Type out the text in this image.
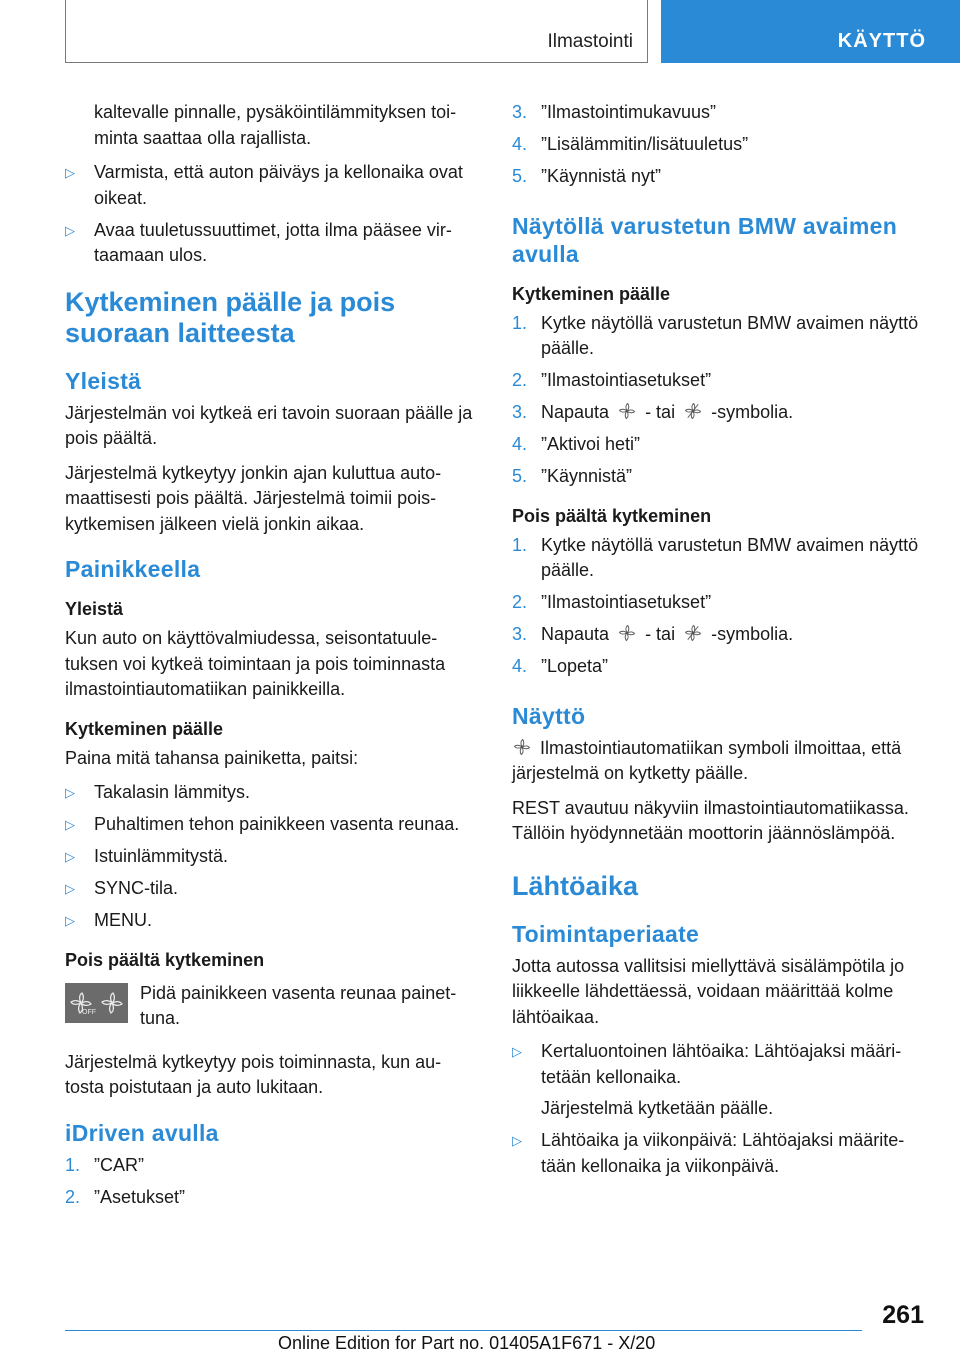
Ilmastointi	KÄYTTÖ

kaltevalle pinnalle, pysäköintilämmityksen toi- minta saattaa olla rajallista.

▷ Varmista, että auton päiväys ja kellonaika ovat oikeat.
▷ Avaa tuuletussuuttimet, jotta ilma pääsee vir- taamaan ulos.
Kytkeminen päälle ja pois suoraan laitteesta
Yleistä

Järjestelmän voi kytkeä eri tavoin suoraan päälle ja pois päältä.

Järjestelmä kytkeytyy jonkin ajan kuluttua auto- maattisesti pois päältä. Järjestelmä toimii pois- kytkemisen jälkeen vielä jonkin aikaa.

Painikkeella
Yleistä

Kun auto on käyttövalmiudessa, seisontatuule- tuksen voi kytkeä toimintaan ja pois toiminnasta ilmastointiautomatiikan painikkeilla.

Kytkeminen päälle

Paina mitä tahansa painiketta, paitsi:

▷ Takalasin lämmitys.
▷ Puhaltimen tehon painikkeen vasenta reunaa.
▷ Istuinlämmitystä.
▷ SYNC-tila.
▷ MENU.
Pois päältä kytkeminen
OFF
Pidä painikkeen vasenta reunaa painet- tuna.

Järjestelmä kytkeytyy pois toiminnasta, kun au- tosta poistutaan ja auto lukitaan.

iDriven avulla
1. ”CAR”
2. ”Asetukset”
3. ”Ilmastointimukavuus”
4. ”Lisälämmitin/lisätuuletus”
5. ”Käynnistä nyt”
Näytöllä varustetun BMW avaimen avulla
Kytkeminen päälle
1. Kytke näytöllä varustetun BMW avaimen näyttö päälle.
2. ”Ilmastointiasetukset”
3. Napauta - tai -symbolia.
4. ”Aktivoi heti”
5. ”Käynnistä”
Pois päältä kytkeminen
1. Kytke näytöllä varustetun BMW avaimen näyttö päälle.
2. ”Ilmastointiasetukset”
3. Napauta - tai -symbolia.
4. ”Lopeta”
Näyttö

Ilmastointiautomatiikan symboli ilmoittaa, että järjestelmä on kytketty päälle.

REST avautuu näkyviin ilmastointiautomatiikassa. Tällöin hyödynnetään moottorin jäännöslämpöä.

Lähtöaika
Toimintaperiaate

Jotta autossa vallitsisi miellyttävä sisälämpötila jo liikkeelle lähdettäessä, voidaan määrittää kolme lähtöaikaa.

▷ Kertaluontoinen lähtöaika: Lähtöajaksi määri- tetään kellonaika.
Järjestelmä kytketään päälle.
▷ Lähtöaika ja viikonpäivä: Lähtöajaksi määrite- tään kellonaika ja viikonpäivä.
261
Online Edition for Part no. 01405A1F671 - X/20
